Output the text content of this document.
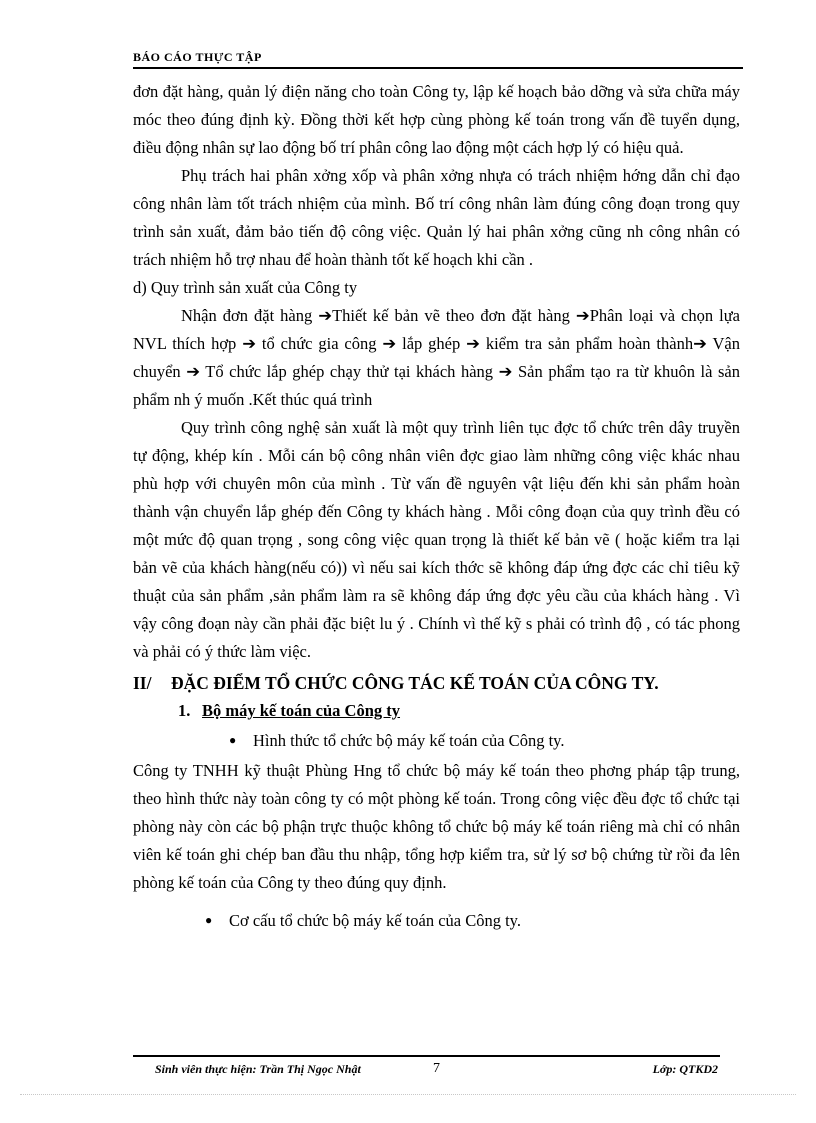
BÁO CÁO THỰC TẬP

đơn đặt hàng, quản lý điện năng cho toàn Công ty, lập kế hoạch bảo dỡng và sửa chữa máy móc theo đúng định kỳ. Đồng thời kết hợp cùng phòng kế toán trong vấn đề tuyển dụng, điều động nhân sự lao động bố trí phân công lao động một cách hợp lý có hiệu quả.

Phụ trách hai phân xởng xốp và phân xởng nhựa có trách nhiệm hớng dẫn chỉ đạo công nhân làm tốt trách nhiệm của mình. Bố trí công nhân làm đúng công đoạn trong quy trình sản xuất, đảm bảo tiến độ công việc. Quản lý hai phân xởng cũng nh công nhân có trách nhiệm hỗ trợ nhau để hoàn thành tốt kế hoạch khi cần .

d) Quy trình sản xuất của Công ty

Nhận đơn đặt hàng ➔Thiết kế bản vẽ theo đơn đặt hàng ➔Phân loại và chọn lựa NVL thích hợp ➔ tổ chức gia công ➔ lắp ghép ➔ kiểm tra sản phẩm hoàn thành➔ Vận chuyển ➔ Tổ chức lắp ghép chạy thử tại khách hàng ➔ Sản phẩm tạo ra từ khuôn là sản phẩm nh ý muốn .Kết thúc quá trình

Quy trình công nghệ sản xuất là một quy trình liên tục đợc tổ chức trên dây truyền tự động, khép kín . Mỗi cán bộ công nhân viên đợc giao làm những công việc khác nhau phù hợp với chuyên môn của mình . Từ vấn đề nguyên vật liệu đến khi sản phẩm hoàn thành vận chuyển lắp ghép đến Công ty khách hàng . Mỗi công đoạn của quy trình đều có một mức độ quan trọng , song công việc quan trọng là thiết kế bản vẽ ( hoặc kiểm tra lại bản vẽ của khách hàng(nếu có)) vì nếu sai kích thớc sẽ không đáp ứng đợc các chỉ tiêu kỹ thuật của sản phẩm ,sản phẩm làm ra sẽ không đáp ứng đợc yêu cầu của khách hàng . Vì vậy công đoạn này cần phải đặc biệt lu ý . Chính vì thế kỹ s phải có trình độ , có tác phong và phải có ý thức làm việc.

II/ ĐẶC ĐIỂM TỔ CHỨC CÔNG TÁC KẾ TOÁN CỦA CÔNG TY.
1. Bộ máy kế toán của Công ty
● Hình thức tổ chức bộ máy kế toán của Công ty.

Công ty TNHH kỹ thuật Phùng Hng tổ chức bộ máy kế toán theo phơng pháp tập trung, theo hình thức này toàn công ty có một phòng kế toán. Trong công việc đều đợc tổ chức tại phòng này còn các bộ phận trực thuộc không tổ chức bộ máy kế toán riêng mà chỉ có nhân viên kế toán ghi chép ban đầu thu nhập, tổng hợp kiểm tra, sử lý sơ bộ chứng từ rồi đa lên phòng kế toán của Công ty theo đúng quy định.

● Cơ cấu tổ chức bộ máy kế toán của Công ty.
Sinh viên thực hiện: Trần Thị Ngọc Nhật	7	Lớp: QTKD2
